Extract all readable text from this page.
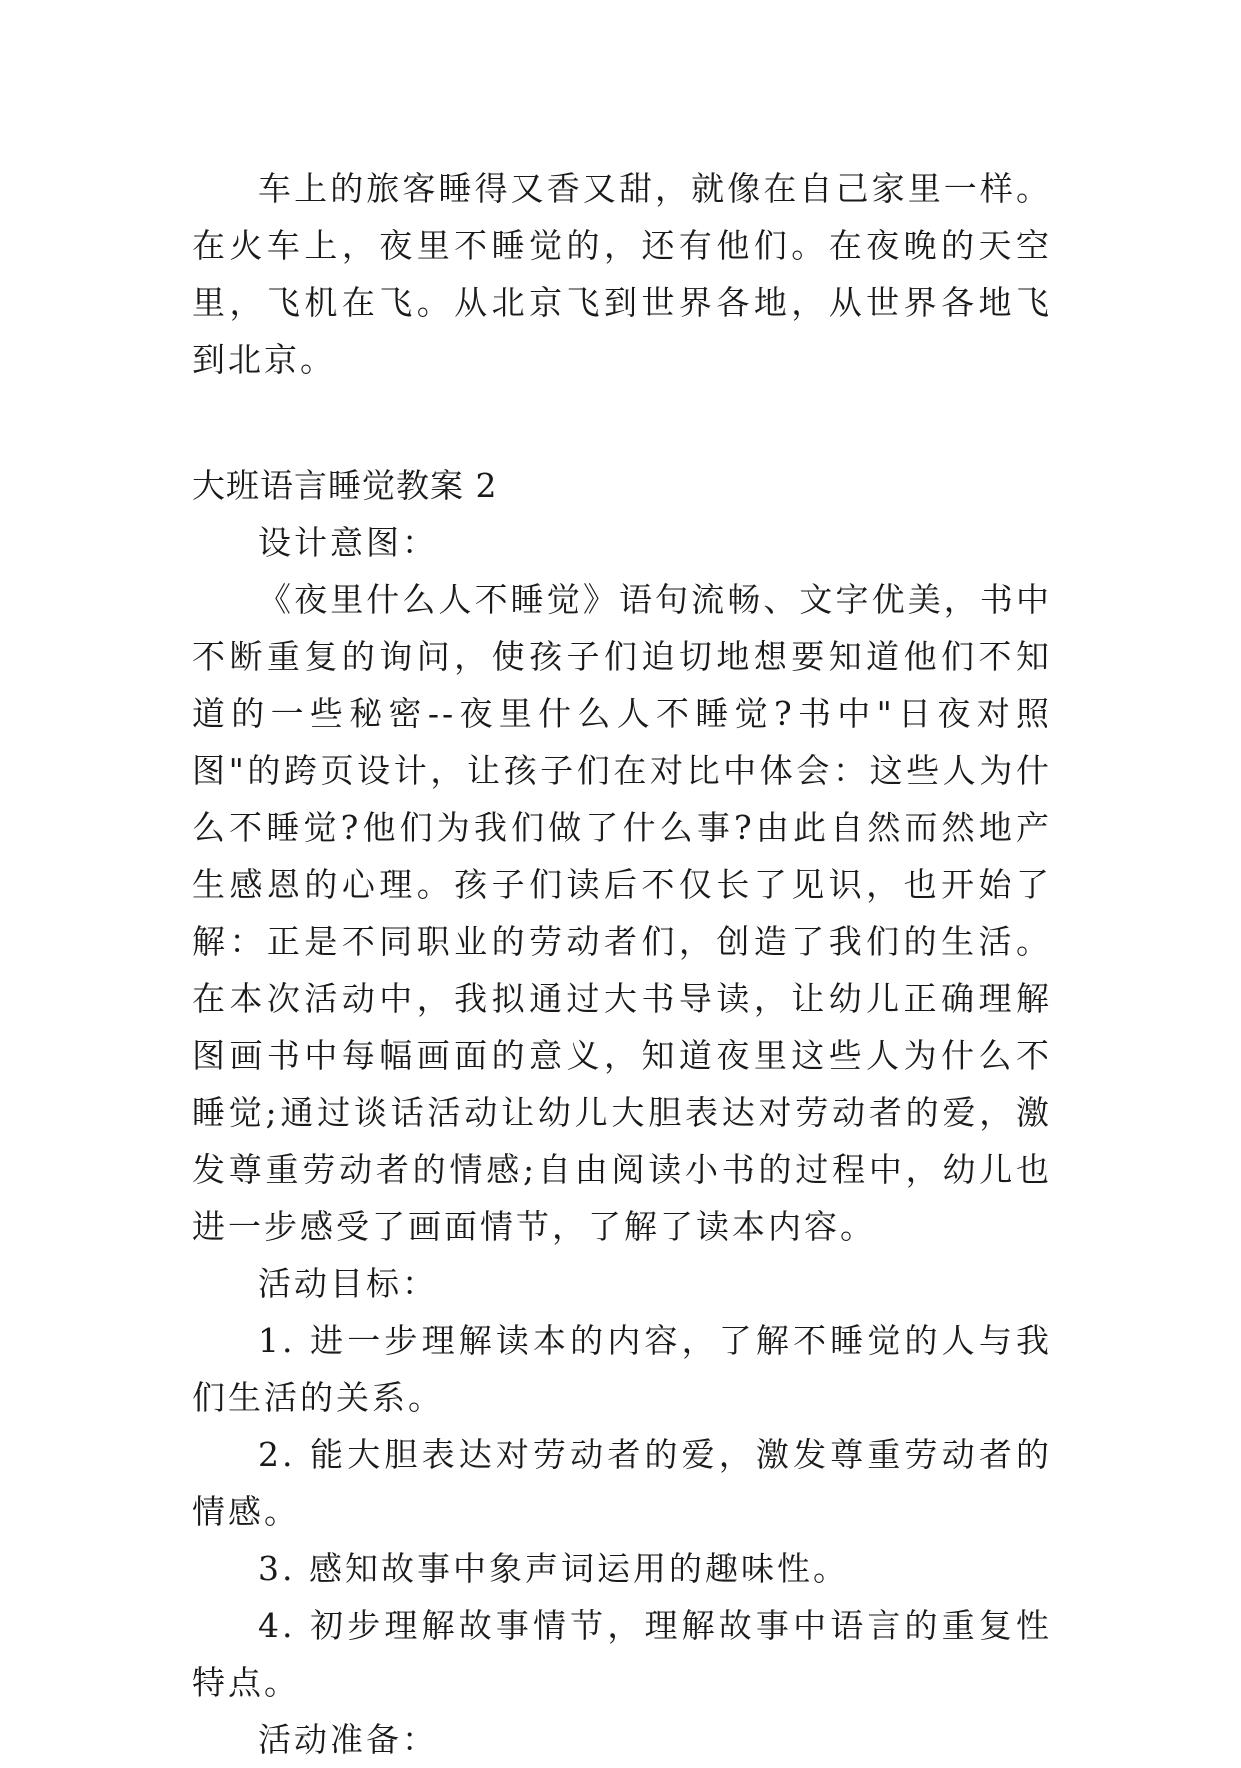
车上的旅客睡得又香又甜，就像在自己家里一样。在火车上，夜里不睡觉的，还有他们。在夜晚的天空里，飞机在飞。从北京飞到世界各地，从世界各地飞到北京。

大班语言睡觉教案 2

设计意图：

《夜里什么人不睡觉》语句流畅、文字优美，书中不断重复的询问，使孩子们迫切地想要知道他们不知道的一些秘密--夜里什么人不睡觉?书中"日夜对照图"的跨页设计，让孩子们在对比中体会：这些人为什么不睡觉?他们为我们做了什么事?由此自然而然地产生感恩的心理。孩子们读后不仅长了见识，也开始了解：正是不同职业的劳动者们，创造了我们的生活。在本次活动中，我拟通过大书导读，让幼儿正确理解图画书中每幅画面的意义，知道夜里这些人为什么不睡觉;通过谈话活动让幼儿大胆表达对劳动者的爱，激发尊重劳动者的情感;自由阅读小书的过程中，幼儿也进一步感受了画面情节，了解了读本内容。

活动目标：

1. 进一步理解读本的内容，了解不睡觉的人与我们生活的关系。

2. 能大胆表达对劳动者的爱，激发尊重劳动者的情感。

3. 感知故事中象声词运用的趣味性。

4. 初步理解故事情节，理解故事中语言的重复性特点。

活动准备：
